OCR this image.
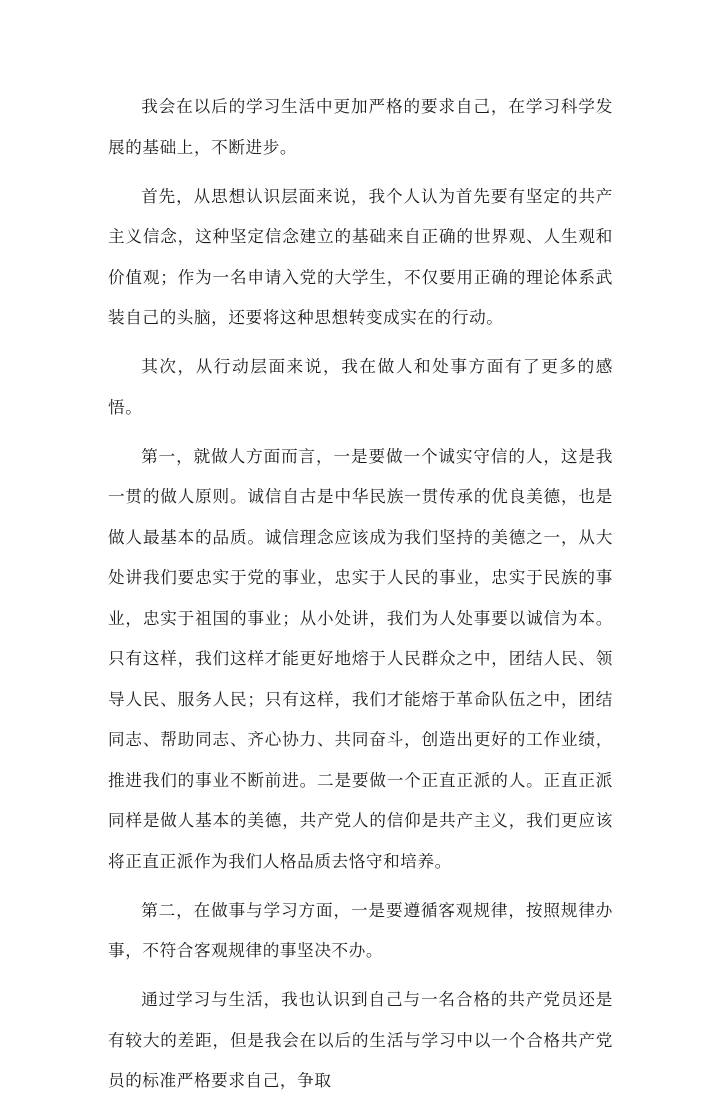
我会在以后的学习生活中更加严格的要求自己，在学习科学发展的基础上，不断进步。

首先，从思想认识层面来说，我个人认为首先要有坚定的共产主义信念，这种坚定信念建立的基础来自正确的世界观、人生观和价值观；作为一名申请入党的大学生，不仅要用正确的理论体系武装自己的头脑，还要将这种思想转变成实在的行动。

其次，从行动层面来说，我在做人和处事方面有了更多的感悟。

第一，就做人方面而言，一是要做一个诚实守信的人，这是我一贯的做人原则。诚信自古是中华民族一贯传承的优良美德，也是做人最基本的品质。诚信理念应该成为我们坚持的美德之一，从大处讲我们要忠实于党的事业，忠实于人民的事业，忠实于民族的事业，忠实于祖国的事业；从小处讲，我们为人处事要以诚信为本。只有这样，我们这样才能更好地熔于人民群众之中，团结人民、领导人民、服务人民；只有这样，我们才能熔于革命队伍之中，团结同志、帮助同志、齐心协力、共同奋斗，创造出更好的工作业绩，推进我们的事业不断前进。二是要做一个正直正派的人。正直正派同样是做人基本的美德，共产党人的信仰是共产主义，我们更应该将正直正派作为我们人格品质去恪守和培养。

第二，在做事与学习方面，一是要遵循客观规律，按照规律办事，不符合客观规律的事坚决不办。

通过学习与生活，我也认识到自己与一名合格的共产党员还是有较大的差距，但是我会在以后的生活与学习中以一个合格共产党员的标准严格要求自己，争取
